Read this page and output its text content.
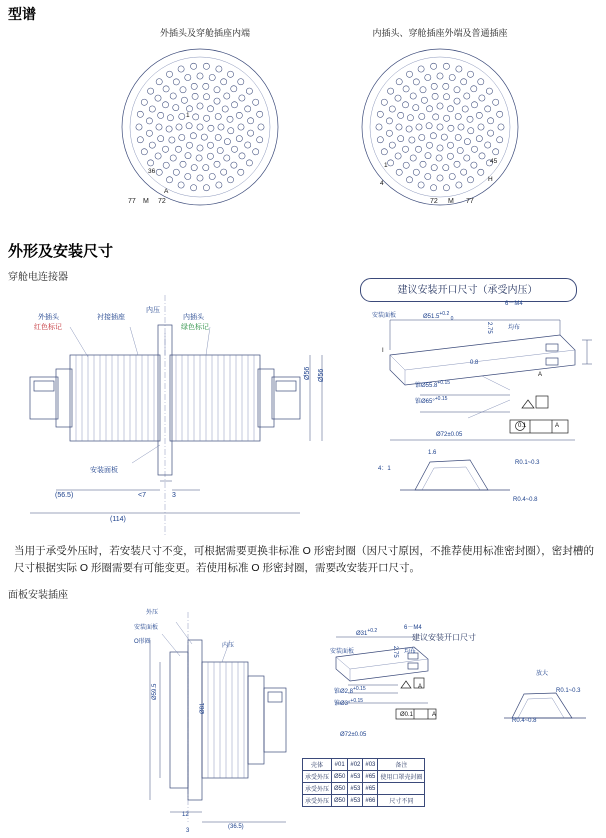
型谱
外插头及穿舱插座内端	内插头、穿舱插座外端及普通插座
36
1
A
M
77	72
45
H
1
4
72 M 77
外形及安装尺寸
穿舱电连接器
外插头
红色标记
衬接插座
内压
内插头
绿色标记
安装面板
Ø56 Ø56
(56.5)	<7	3
(114)
建议安装开口尺寸（承受内压）
安装面板	$Ø51.5^{+0.2}$ $_0$
6－M4
均布
2.75
0.8
锥$Ø55.8^{+0.15}$
锥Ø65°$^{+0.15}$
A
0.1	A
Ø72±0.05
1.6
4：1
R0.1~0.3
R0.4~0.8
I
当用于承受外压时，若安装尺寸不变，可根据需要更换非标准 O 形密封圈（因尺寸原因，不推荐使用标准密封圈），密封槽的尺寸根据实际 O 形圈需要有可能变更。若使用标准 O 形密封圈，需要改安装开口尺寸。
面板安装插座
外压
安装面板
O形圈
内压
Ø59.5
Ø81
12
(36.5)
3
安装面板
$Ø31^{+0.2}$	6－M4
均布
2.75
锥$Ø2.8^{+0.15}$
锥Ø3°$^{+0.15}$
A
Ø0.1	A
Ø72±0.05
建议安装开口尺寸
放大
R0.1~0.3
R0.4~0.8
壳体	#01	#02	#03	备注
承受外压	Ø50	#53	#65	使用口罩壳封圈
承受外压	Ø50	#53	#65	
承受外压	Ø50	#53	#66	尺寸不同
